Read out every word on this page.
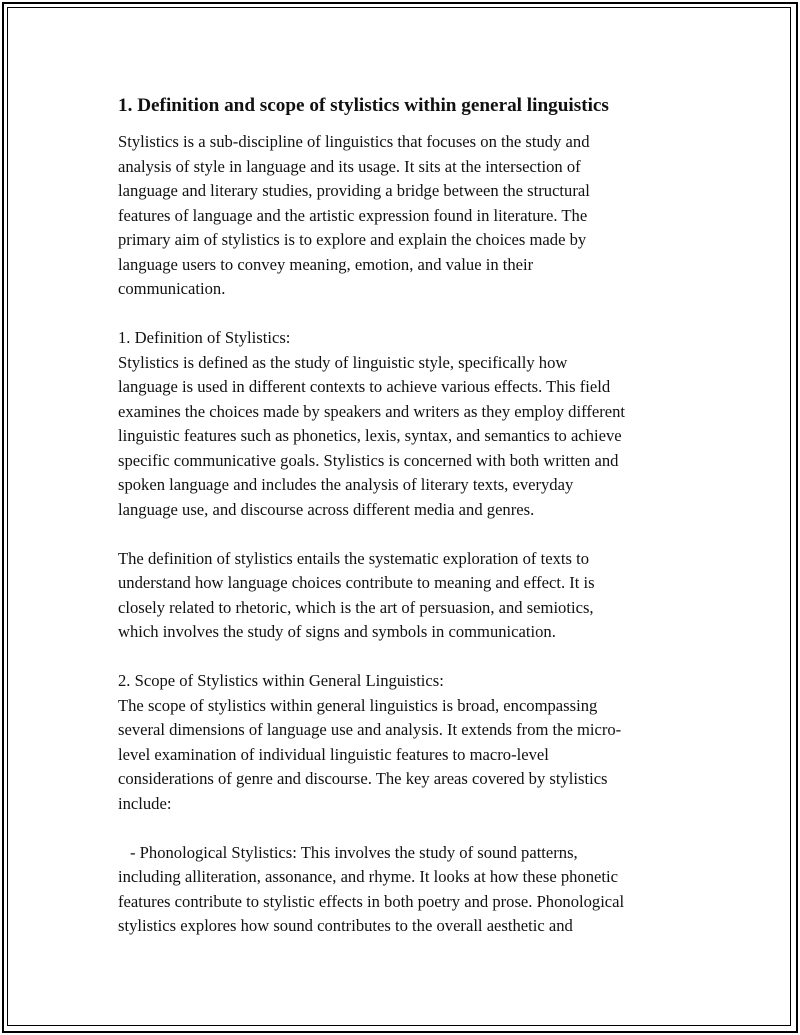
1. Definition and scope of stylistics within general linguistics

Stylistics is a sub-discipline of linguistics that focuses on the study and
analysis of style in language and its usage. It sits at the intersection of
language and literary studies, providing a bridge between the structural
features of language and the artistic expression found in literature. The
primary aim of stylistics is to explore and explain the choices made by
language users to convey meaning, emotion, and value in their
communication.

1. Definition of Stylistics:
Stylistics is defined as the study of linguistic style, specifically how
language is used in different contexts to achieve various effects. This field
examines the choices made by speakers and writers as they employ different
linguistic features such as phonetics, lexis, syntax, and semantics to achieve
specific communicative goals. Stylistics is concerned with both written and
spoken language and includes the analysis of literary texts, everyday
language use, and discourse across different media and genres.

The definition of stylistics entails the systematic exploration of texts to
understand how language choices contribute to meaning and effect. It is
closely related to rhetoric, which is the art of persuasion, and semiotics,
which involves the study of signs and symbols in communication.

2. Scope of Stylistics within General Linguistics:
The scope of stylistics within general linguistics is broad, encompassing
several dimensions of language use and analysis. It extends from the micro-
level examination of individual linguistic features to macro-level
considerations of genre and discourse. The key areas covered by stylistics
include:

- Phonological Stylistics: This involves the study of sound patterns,
including alliteration, assonance, and rhyme. It looks at how these phonetic
features contribute to stylistic effects in both poetry and prose. Phonological
stylistics explores how sound contributes to the overall aesthetic and
